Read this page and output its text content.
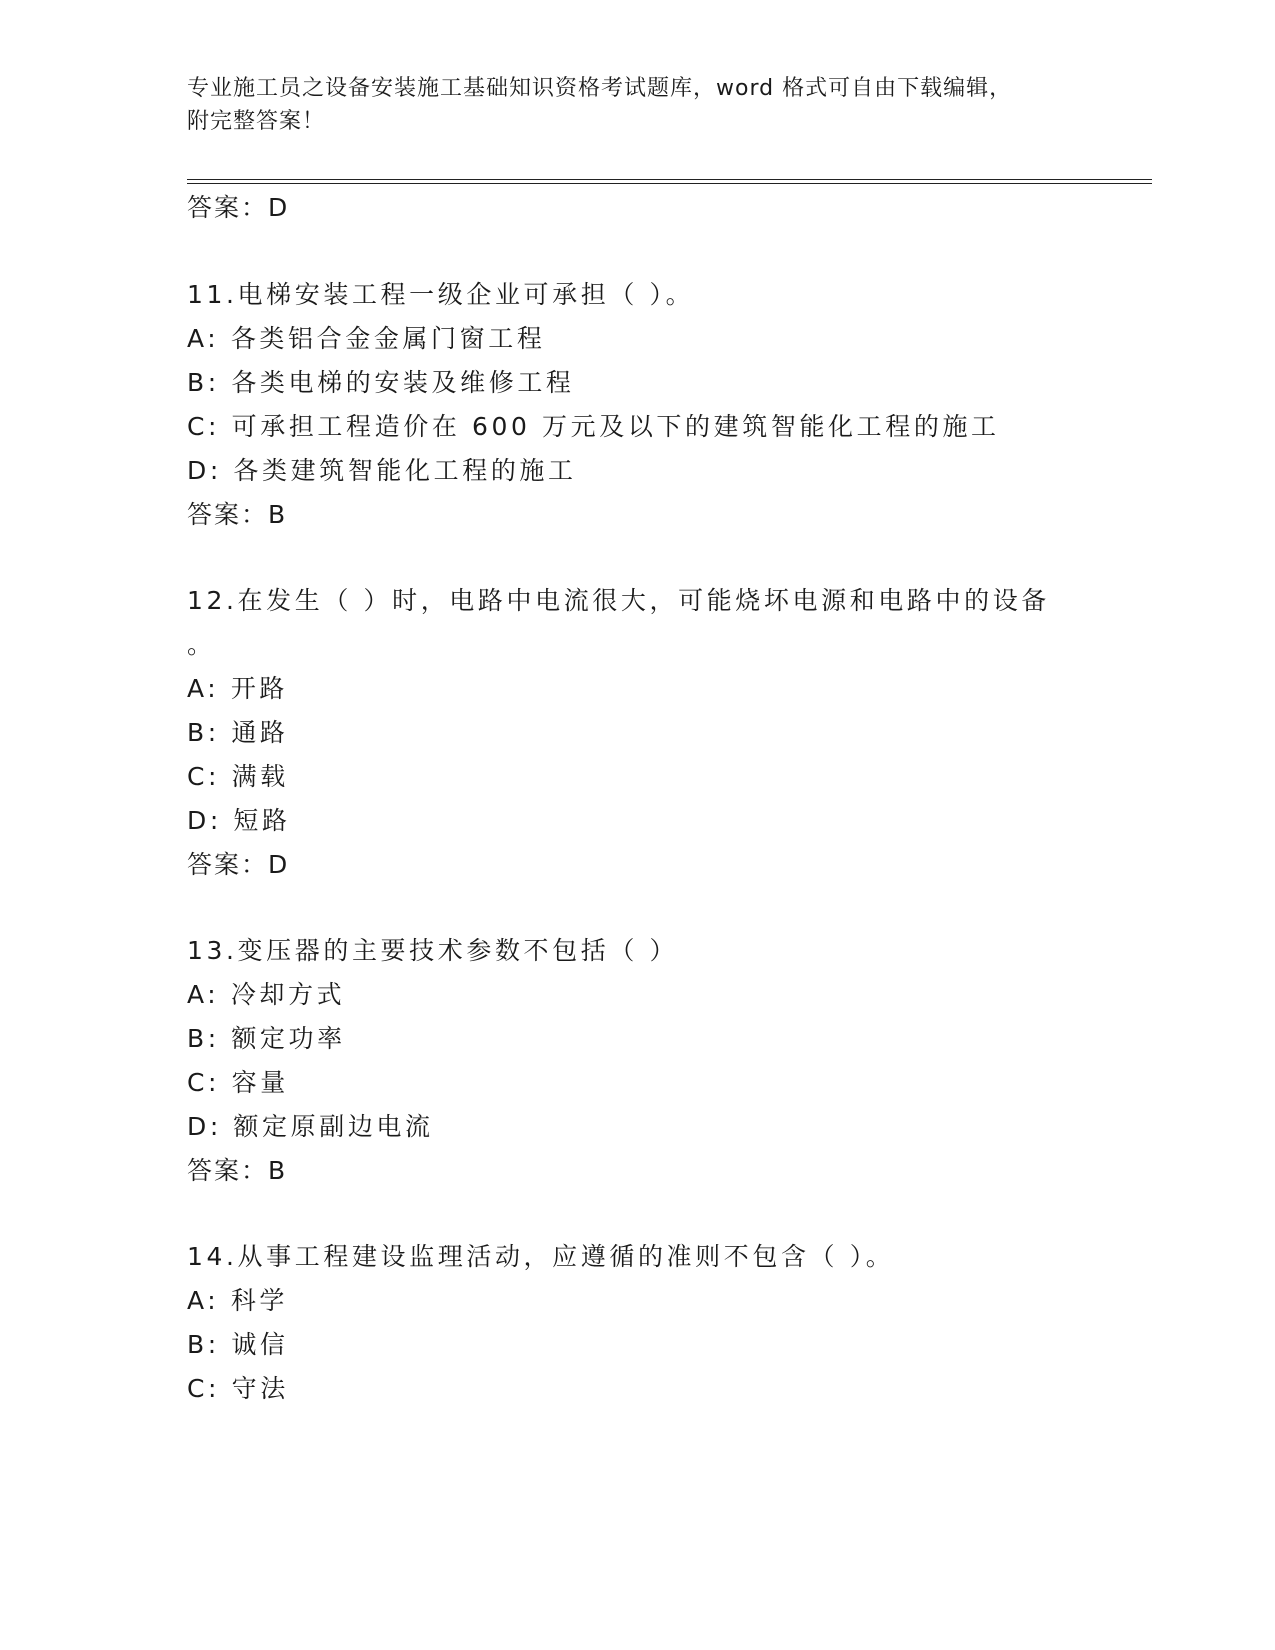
专业施工员之设备安装施工基础知识资格考试题库，word 格式可自由下载编辑，
附完整答案！
答案：D
11.电梯安装工程一级企业可承担（ ）。
A: 各类铝合金金属门窗工程
B: 各类电梯的安装及维修工程
C: 可承担工程造价在 600 万元及以下的建筑智能化工程的施工
D: 各类建筑智能化工程的施工
答案：B
12.在发生（ ）时，电路中电流很大，可能烧坏电源和电路中的设备
。
A: 开路
B: 通路
C: 满载
D: 短路
答案：D
13.变压器的主要技术参数不包括（ ）
A: 冷却方式
B: 额定功率
C: 容量
D: 额定原副边电流
答案：B
14.从事工程建设监理活动，应遵循的准则不包含（ ）。
A: 科学
B: 诚信
C: 守法
